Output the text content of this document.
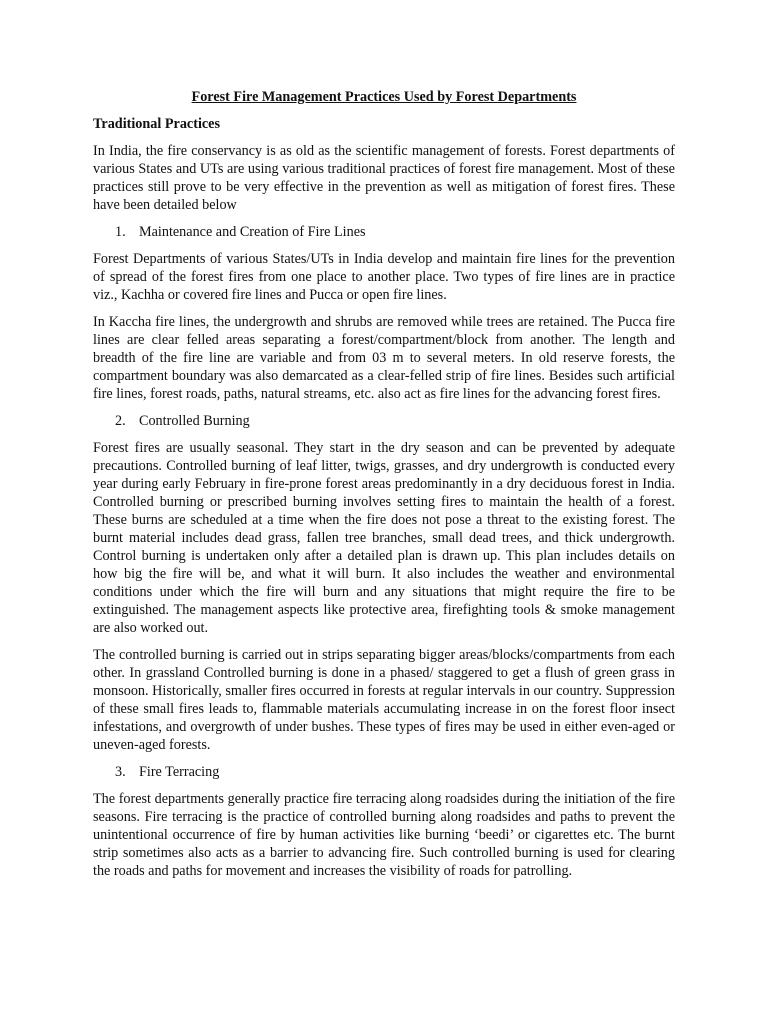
Forest Fire Management Practices Used by Forest Departments
Traditional Practices
In India, the fire conservancy is as old as the scientific management of forests. Forest departments of various States and UTs are using various traditional practices of forest fire management. Most of these practices still prove to be very effective in the prevention as well as mitigation of forest fires. These have been detailed below
1. Maintenance and Creation of Fire Lines
Forest Departments of various States/UTs in India develop and maintain fire lines for the prevention of spread of the forest fires from one place to another place. Two types of fire lines are in practice viz., Kachha or covered fire lines and Pucca or open fire lines.
In Kaccha fire lines, the undergrowth and shrubs are removed while trees are retained. The Pucca fire lines are clear felled areas separating a forest/compartment/block from another. The length and breadth of the fire line are variable and from 03 m to several meters. In old reserve forests, the compartment boundary was also demarcated as a clear-felled strip of fire lines. Besides such artificial fire lines, forest roads, paths, natural streams, etc. also act as fire lines for the advancing forest fires.
2. Controlled Burning
Forest fires are usually seasonal. They start in the dry season and can be prevented by adequate precautions. Controlled burning of leaf litter, twigs, grasses, and dry undergrowth is conducted every year during early February in fire-prone forest areas predominantly in a dry deciduous forest in India. Controlled burning or prescribed burning involves setting fires to maintain the health of a forest. These burns are scheduled at a time when the fire does not pose a threat to the existing forest. The burnt material includes dead grass, fallen tree branches, small dead trees, and thick undergrowth. Control burning is undertaken only after a detailed plan is drawn up. This plan includes details on how big the fire will be, and what it will burn. It also includes the weather and environmental conditions under which the fire will burn and any situations that might require the fire to be extinguished. The management aspects like protective area, firefighting tools & smoke management are also worked out.
The controlled burning is carried out in strips separating bigger areas/blocks/compartments from each other. In grassland Controlled burning is done in a phased/ staggered to get a flush of green grass in monsoon. Historically, smaller fires occurred in forests at regular intervals in our country. Suppression of these small fires leads to, flammable materials accumulating increase in on the forest floor insect infestations, and overgrowth of under bushes. These types of fires may be used in either even-aged or uneven-aged forests.
3. Fire Terracing
The forest departments generally practice fire terracing along roadsides during the initiation of the fire seasons. Fire terracing is the practice of controlled burning along roadsides and paths to prevent the unintentional occurrence of fire by human activities like burning ‘beedi’ or cigarettes etc. The burnt strip sometimes also acts as a barrier to advancing fire. Such controlled burning is used for clearing the roads and paths for movement and increases the visibility of roads for patrolling.
